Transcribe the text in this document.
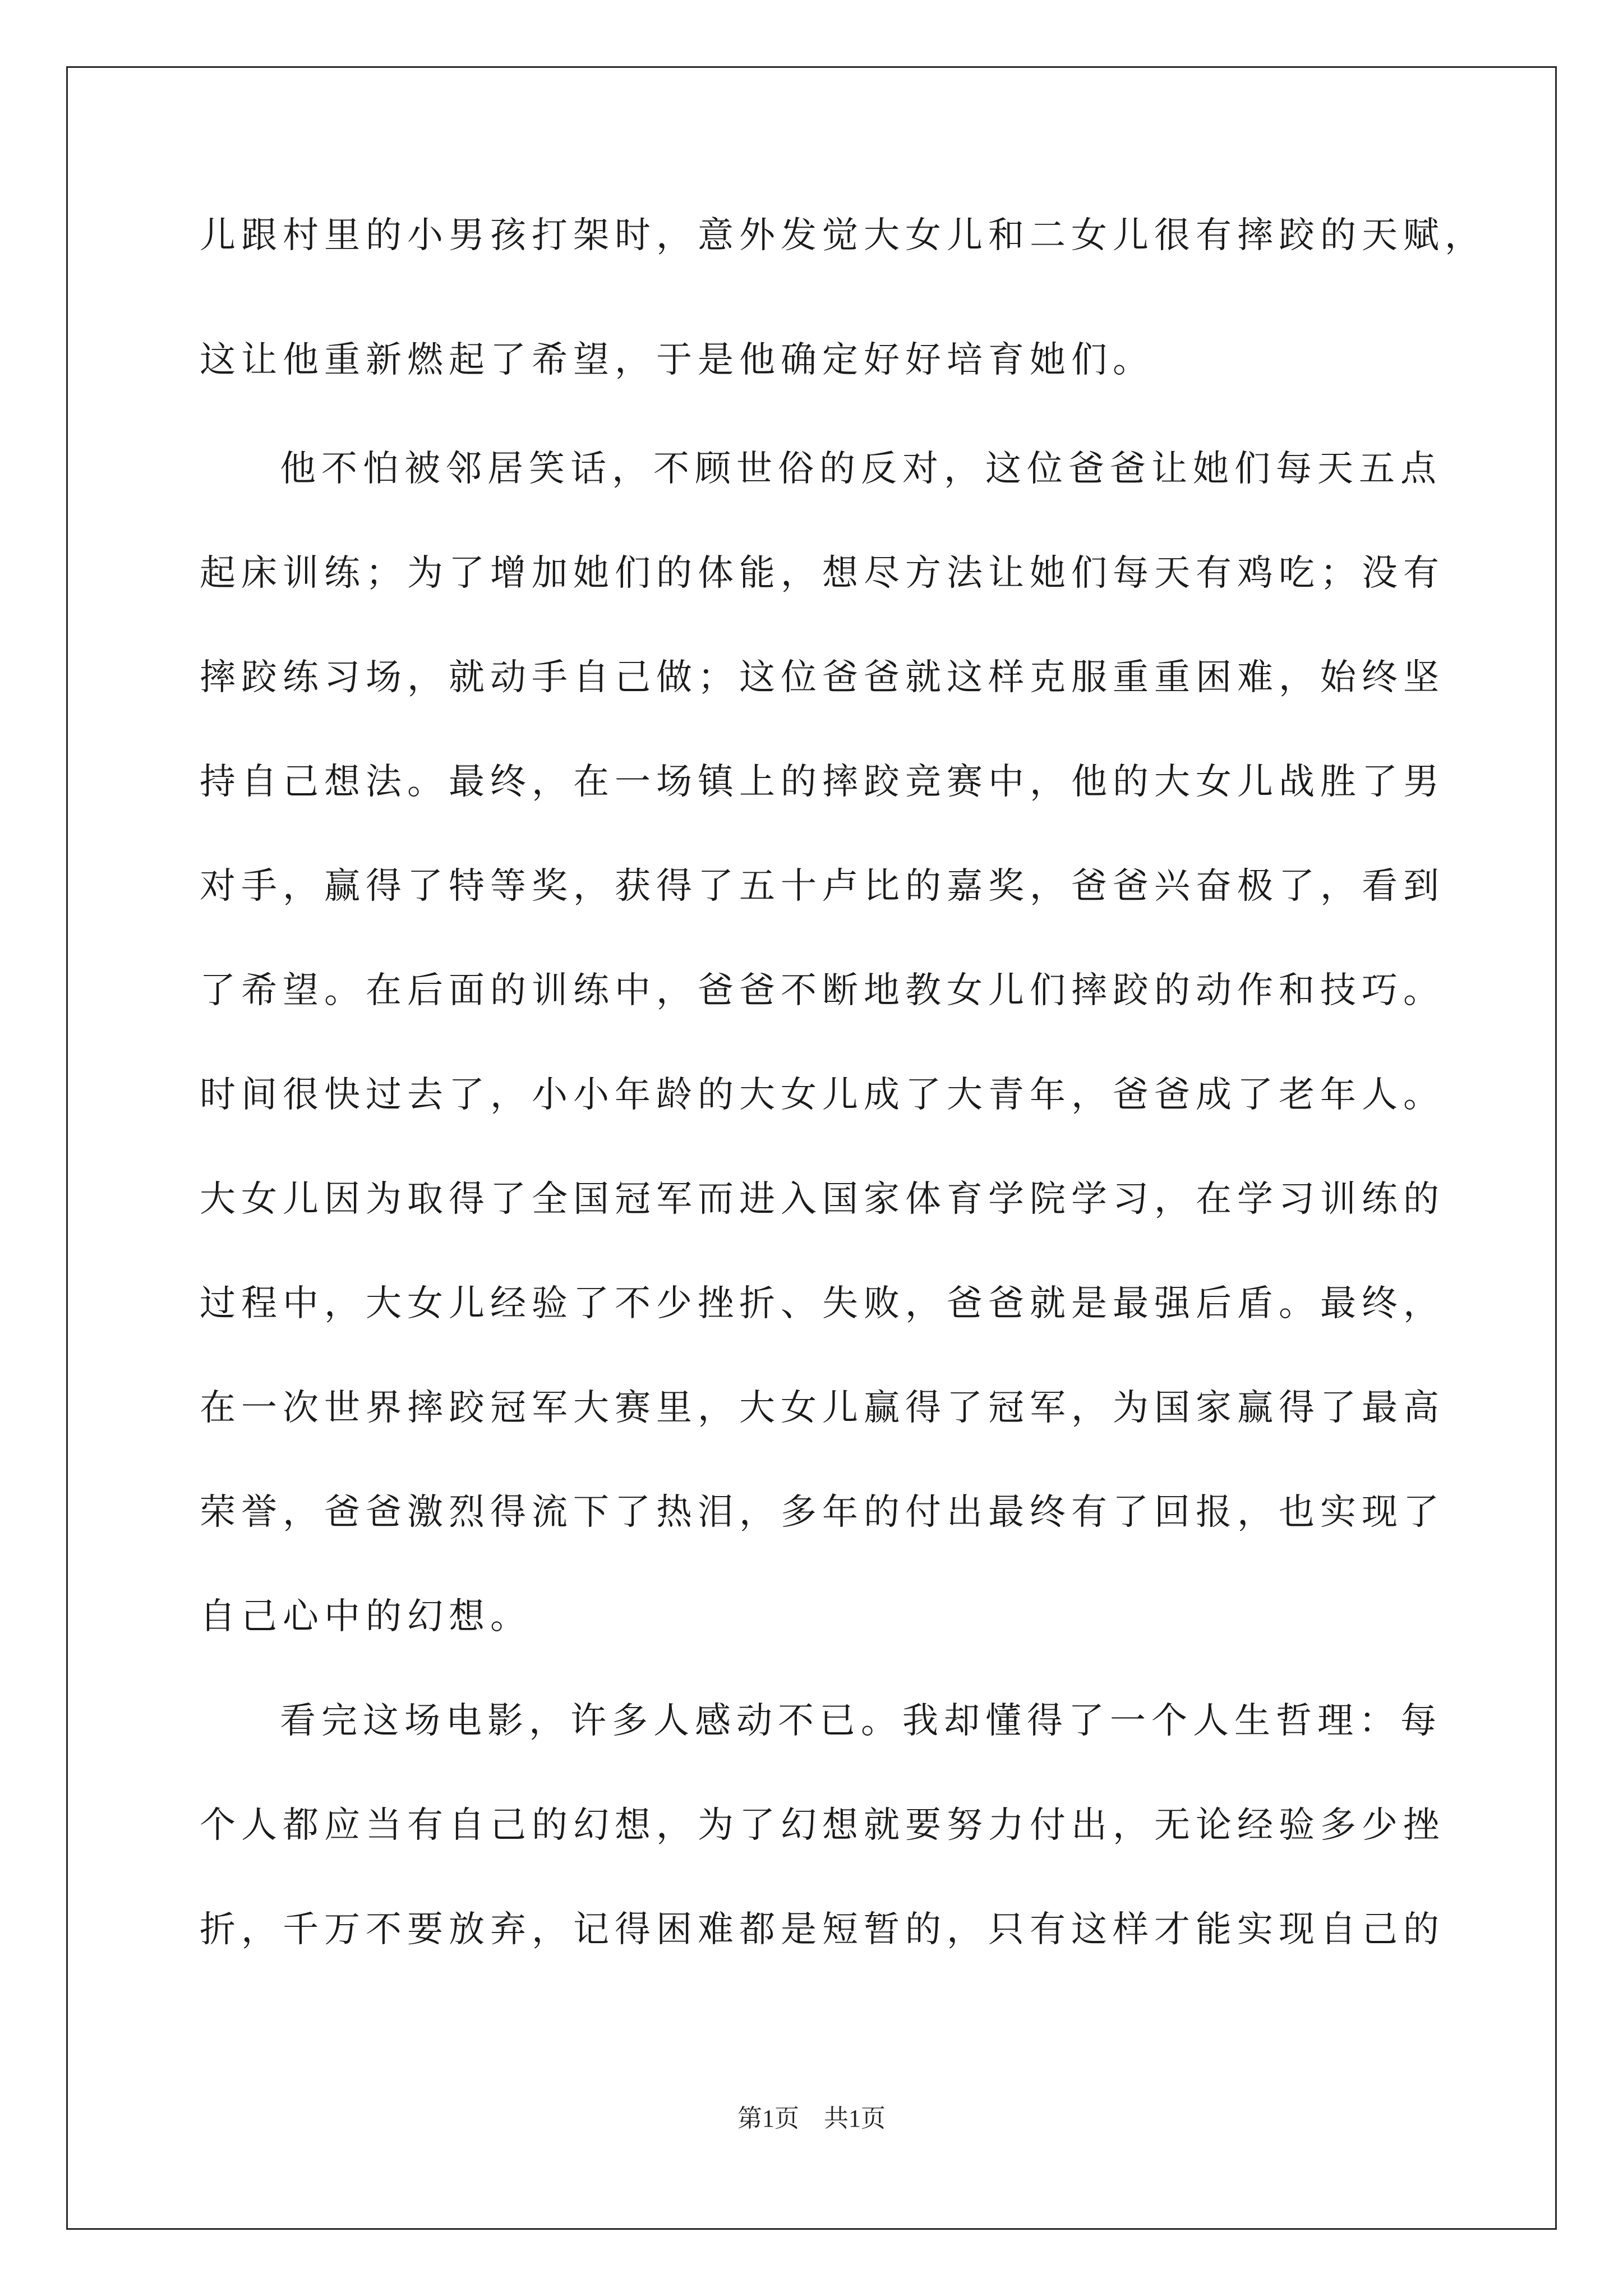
儿跟村里的小男孩打架时，意外发觉大女儿和二女儿很有摔跤的天赋，
这让他重新燃起了希望，于是他确定好好培育她们。
他不怕被邻居笑话，不顾世俗的反对，这位爸爸让她们每天五点
起床训练；为了增加她们的体能，想尽方法让她们每天有鸡吃；没有
摔跤练习场，就动手自己做；这位爸爸就这样克服重重困难，始终坚
持自己想法。最终，在一场镇上的摔跤竞赛中，他的大女儿战胜了男
对手，赢得了特等奖，获得了五十卢比的嘉奖，爸爸兴奋极了，看到
了希望。在后面的训练中，爸爸不断地教女儿们摔跤的动作和技巧。
时间很快过去了，小小年龄的大女儿成了大青年，爸爸成了老年人。
大女儿因为取得了全国冠军而进入国家体育学院学习，在学习训练的
过程中，大女儿经验了不少挫折、失败，爸爸就是最强后盾。最终，
在一次世界摔跤冠军大赛里，大女儿赢得了冠军，为国家赢得了最高
荣誉，爸爸激烈得流下了热泪，多年的付出最终有了回报，也实现了
自己心中的幻想。
看完这场电影，许多人感动不已。我却懂得了一个人生哲理：每
个人都应当有自己的幻想，为了幻想就要努力付出，无论经验多少挫
折，千万不要放弃，记得困难都是短暂的，只有这样才能实现自己的
第1页　共1页
